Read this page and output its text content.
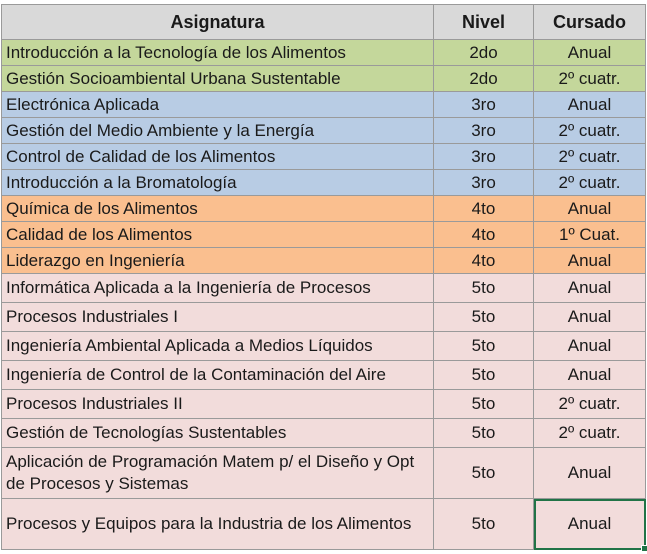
Asignatura	Nivel	Cursado
Introducción a la Tecnología de los Alimentos	2do	Anual
Gestión Socioambiental Urbana Sustentable	2do	2º cuatr.
Electrónica Aplicada	3ro	Anual
Gestión del Medio Ambiente y la Energía	3ro	2º cuatr.
Control de Calidad de los Alimentos	3ro	2º cuatr.
Introducción a la Bromatología	3ro	2º cuatr.
Química de los Alimentos	4to	Anual
Calidad de los Alimentos	4to	1º Cuat.
Liderazgo en Ingeniería	4to	Anual
Informática Aplicada a la Ingeniería de Procesos	5to	Anual
Procesos Industriales I	5to	Anual
Ingeniería Ambiental Aplicada a Medios Líquidos	5to	Anual
Ingeniería de Control de la Contaminación del Aire	5to	Anual
Procesos Industriales II	5to	2º cuatr.
Gestión de Tecnologías Sustentables	5to	2º cuatr.
Aplicación de Programación Matem p/ el Diseño y Opt de Procesos y Sistemas	5to	Anual
Procesos y Equipos para la Industria de los Alimentos	5to	Anual
